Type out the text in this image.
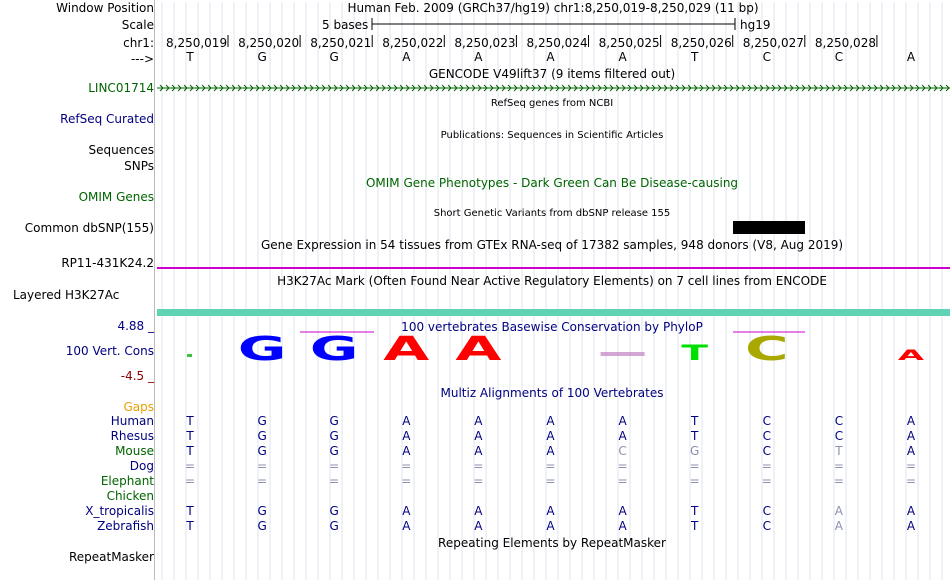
Window Position
Scale
chr1:
--->
Human Feb. 2009 (GRCh37/hg19) chr1:8,250,019-8,250,029 (11 bp)
5 bases	hg19
8,250,019 8,250,020 8,250,021 8,250,022 8,250,023 8,250,024 8,250,025 8,250,026 8,250,027 8,250,028
T	G	G	A	A	A	A	T	C	C	A
GENCODE V49lift37 (9 items filtered out)
LINC01714
RefSeq genes from NCBI
RefSeq Curated
Publications: Sequences in Scientific Articles
Sequences
SNPs
OMIM Gene Phenotypes - Dark Green Can Be Disease-causing
OMIM Genes
Short Genetic Variants from dbSNP release 155
Common dbSNP(155)
Gene Expression in 54 tissues from GTEx RNA-seq of 17382 samples, 948 donors (V8, Aug 2019)
RP11-431K24.2
H3K27Ac Mark (Often Found Near Active Regulatory Elements) on 7 cell lines from ENCODE
Layered H3K27Ac
G G A A	T C	A
100 vertebrates Basewise Conservation by PhyloP
4.88 _
100 Vert. Cons
-4.5 _
Multiz Alignments of 100 Vertebrates
Gaps
Human	T	G	G	A	A	A	A	T	C	C	A
Rhesus	T	G	G	A	A	A	A	T	C	C	A
Mouse	T	G	G	A	A	A	C	G	C	T	A
Dog	=	=	=	=	=	=	=	=	=	=	=
Elephant	=	=	=	=	=	=	=	=	=	=	=
Chicken
X_tropicalis	T	G	G	A	A	A	A	T	C	A	A
Zebrafish	T	G	G	A	A	A	A	T	C	A	A
Repeating Elements by RepeatMasker
RepeatMasker
